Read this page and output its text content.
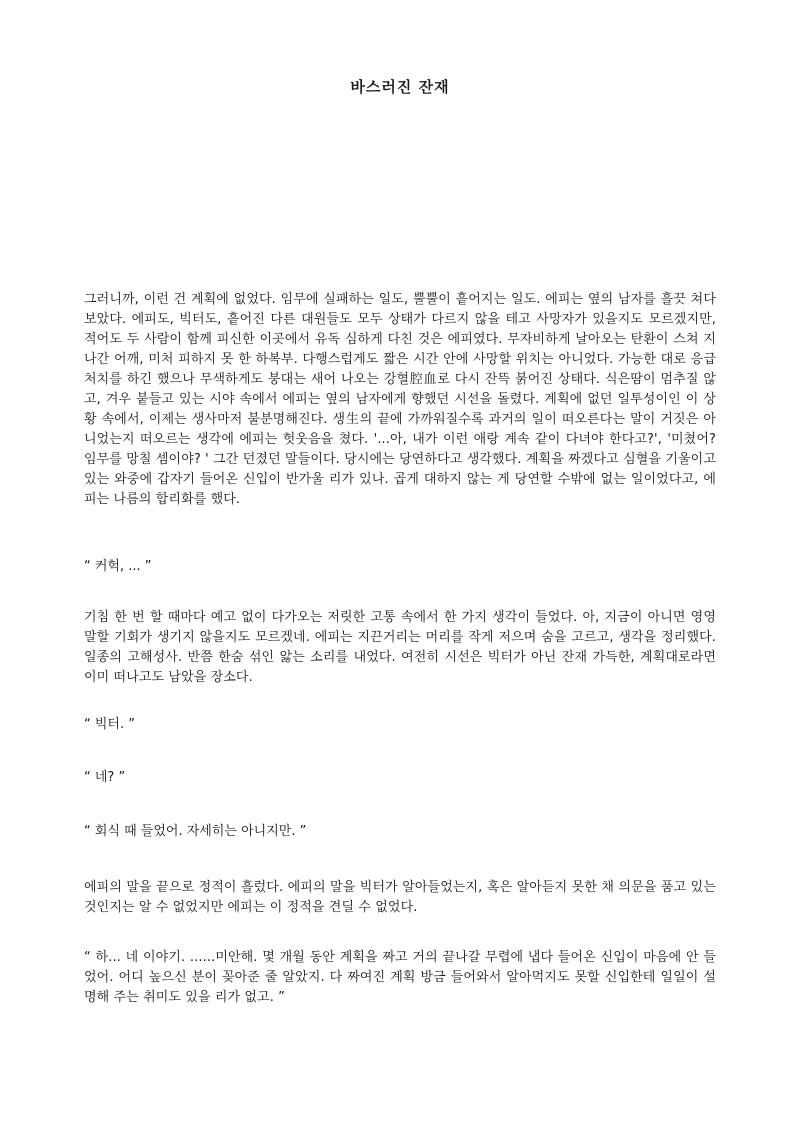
바스러진 잔재

그러니까, 이런 건 계획에 없었다. 임무에 실패하는 일도, 뿔뿔이 흩어지는 일도. 에피는 옆의 남자를 흘끗 쳐다보았다. 에피도, 빅터도, 흩어진 다른 대원들도 모두 상태가 다르지 않을 테고 사망자가 있을지도 모르겠지만, 적어도 두 사람이 함께 피신한 이곳에서 유독 심하게 다친 것은 에피였다. 무자비하게 날아오는 탄환이 스쳐 지나간 어깨, 미처 피하지 못 한 하복부. 다행스럽게도 짧은 시간 안에 사망할 위치는 아니었다. 가능한 대로 응급처치를 하긴 했으나 무색하게도 붕대는 새어 나오는 강혈腔血로 다시 잔뜩 붉어진 상태다. 식은땀이 멈추질 않고, 겨우 붙들고 있는 시야 속에서 에피는 옆의 남자에게 향했던 시선을 돌렸다. 계획에 없던 일투성이인 이 상황 속에서, 이제는 생사마저 불분명해진다. 생生의 끝에 가까워질수록 과거의 일이 떠오른다는 말이 거짓은 아니었는지 떠오르는 생각에 에피는 헛웃음을 쳤다. '...아, 내가 이런 애랑 계속 같이 다녀야 한다고?', '미쳤어? 임무를 망칠 셈이야? ' 그간 던졌던 말들이다. 당시에는 당연하다고 생각했다. 계획을 짜겠다고 심혈을 기울이고 있는 와중에 갑자기 들어온 신입이 반가울 리가 있나. 곱게 대하지 않는 게 당연할 수밖에 없는 일이었다고, 에피는 나름의 합리화를 했다.

“ 커헉, ... ”

기침 한 번 할 때마다 예고 없이 다가오는 저릿한 고통 속에서 한 가지 생각이 들었다. 아, 지금이 아니면 영영 말할 기회가 생기지 않을지도 모르겠네. 에피는 지끈거리는 머리를 작게 저으며 숨을 고르고, 생각을 정리했다. 일종의 고해성사. 반쯤 한숨 섞인 앓는 소리를 내었다. 여전히 시선은 빅터가 아닌 잔재 가득한, 계획대로라면 이미 떠나고도 남았을 장소다.

“ 빅터. ”

“ 네? ”

“ 회식 때 들었어. 자세히는 아니지만. ”

에피의 말을 끝으로 정적이 흘렀다. 에피의 말을 빅터가 알아들었는지, 혹은 알아듣지 못한 채 의문을 품고 있는 것인지는 알 수 없었지만 에피는 이 정적을 견딜 수 없었다.

“ 하... 네 이야기. ......미안해. 몇 개월 동안 계획을 짜고 거의 끝나갈 무렵에 냅다 들어온 신입이 마음에 안 들었어. 어디 높으신 분이 꽂아준 줄 알았지. 다 짜여진 계획 방금 들어와서 알아먹지도 못할 신입한테 일일이 설명해 주는 취미도 있을 리가 없고. ”
